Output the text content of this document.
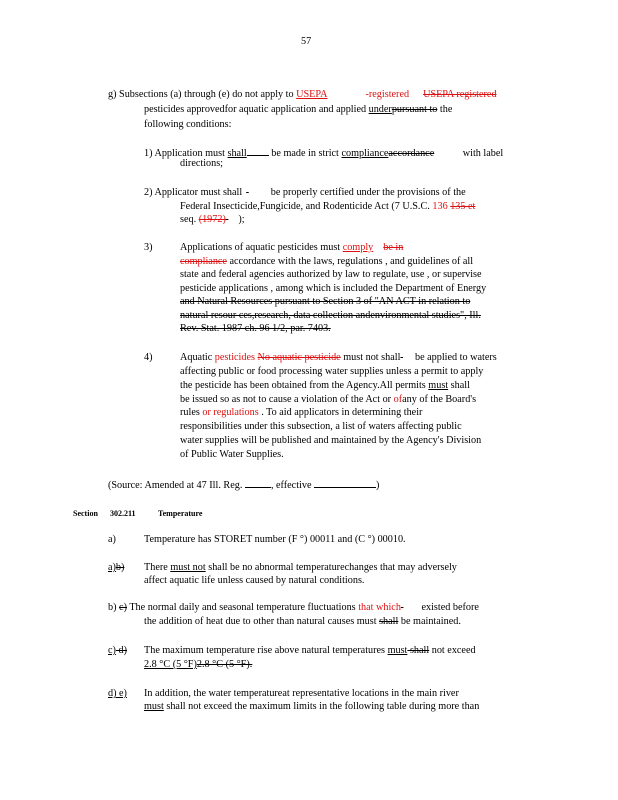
57
g) Subsections (a) through (e) do not apply to USEPA	-registered USEPA registered
pesticides approvedfor aquatic application and applied underpursuant to the
following conditions:
1) Application must shall be made in strict complianceaccordance	with label
directions;
2) Applicator must shall	be properly certified under the provisions of the
Federal Insecticide,Fungicide, and Rodenticide Act (7 U.S.C. 136 135 et
seq. (1972)  );
3)	Applications of aquatic pesticides must comply be in
compliance accordance with the laws, regulations , and guidelines of all
state and federal agencies authorized by law to regulate, use , or supervise
pesticide applications , among which is included the Department of Energy
and Natural Resources pursuant to Section 3 of "AN ACT in relation to
natural resour ces,research, data collection andenvironmental studies", Ill.
Rev. Stat. 1987 ch. 96 1/2, par. 7403.
4)	Aquatic pesticides No aquatic pesticide must not shall  be applied to waters
affecting public or food processing water supplies unless a permit to apply
the pesticide has been obtained from the Agency.All permits must shall
be issued so as not to cause a violation of the Act or ofany of the Board's
rules or regulations . To aid applicators in determining their
responsibilities under this subsection, a list of waters affecting public
water supplies will be published and maintained by the Agency's Division
of Public Water Supplies.
(Source: Amended at 47 Ill. Reg.	, effective	)
Section 302.211	Temperature
a)	Temperature has STORET number (F °) 00011 and (C °) 00010.
a)b) There must not shall be no abnormal temperaturechanges that may adversely
affect aquatic life unless caused by natural conditions.
b) c) The normal daily and seasonal temperature fluctuations that which  existed before
the addition of heat due to other than natural causes must shall be maintained.
c) d) The maximum temperature rise above natural temperatures must shall not exceed
2.8 °C (5 °F)2.8 °C (5 °F).
d) e) In addition, the water temperatureat representative locations in the main river
must shall not exceed the maximum limits in the following table during more than
